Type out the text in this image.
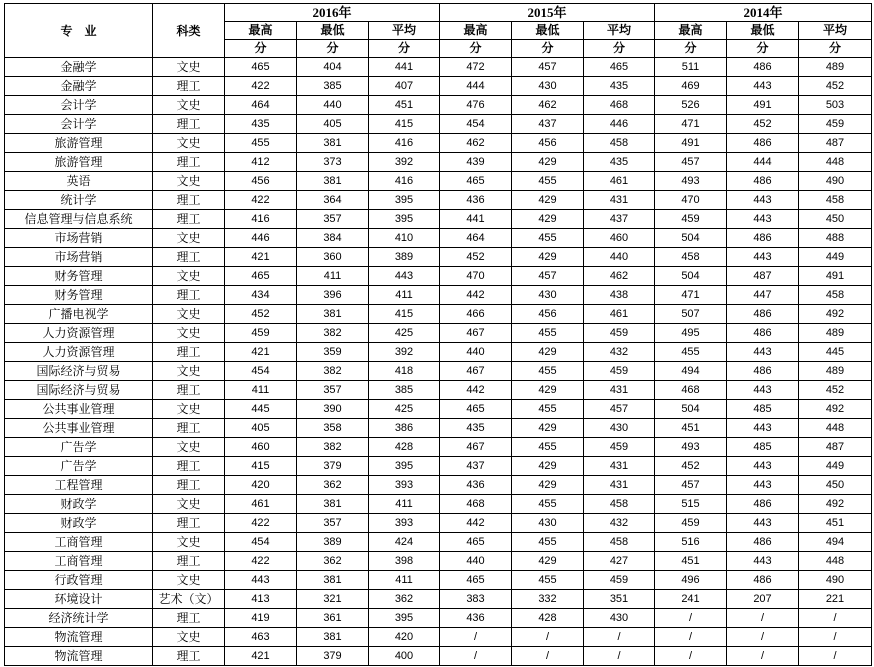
专　业	科类	2016年			2015年			2014年		
		最高	最低	平均	最高	最低	平均	最高	最低	平均
		分	分	分	分	分	分	分	分	分
金融学	文史	465	404	441	472	457	465	511	486	489
金融学	理工	422	385	407	444	430	435	469	443	452
会计学	文史	464	440	451	476	462	468	526	491	503
会计学	理工	435	405	415	454	437	446	471	452	459
旅游管理	文史	455	381	416	462	456	458	491	486	487
旅游管理	理工	412	373	392	439	429	435	457	444	448
英语	文史	456	381	416	465	455	461	493	486	490
统计学	理工	422	364	395	436	429	431	470	443	458
信息管理与信息系统	理工	416	357	395	441	429	437	459	443	450
市场营销	文史	446	384	410	464	455	460	504	486	488
市场营销	理工	421	360	389	452	429	440	458	443	449
财务管理	文史	465	411	443	470	457	462	504	487	491
财务管理	理工	434	396	411	442	430	438	471	447	458
广播电视学	文史	452	381	415	466	456	461	507	486	492
人力资源管理	文史	459	382	425	467	455	459	495	486	489
人力资源管理	理工	421	359	392	440	429	432	455	443	445
国际经济与贸易	文史	454	382	418	467	455	459	494	486	489
国际经济与贸易	理工	411	357	385	442	429	431	468	443	452
公共事业管理	文史	445	390	425	465	455	457	504	485	492
公共事业管理	理工	405	358	386	435	429	430	451	443	448
广告学	文史	460	382	428	467	455	459	493	485	487
广告学	理工	415	379	395	437	429	431	452	443	449
工程管理	理工	420	362	393	436	429	431	457	443	450
财政学	文史	461	381	411	468	455	458	515	486	492
财政学	理工	422	357	393	442	430	432	459	443	451
工商管理	文史	454	389	424	465	455	458	516	486	494
工商管理	理工	422	362	398	440	429	427	451	443	448
行政管理	文史	443	381	411	465	455	459	496	486	490
环境设计	艺术（文）	413	321	362	383	332	351	241	207	221
经济统计学	理工	419	361	395	436	428	430	/	/	/
物流管理	文史	463	381	420	/	/	/	/	/	/
物流管理	理工	421	379	400	/	/	/	/	/	/
